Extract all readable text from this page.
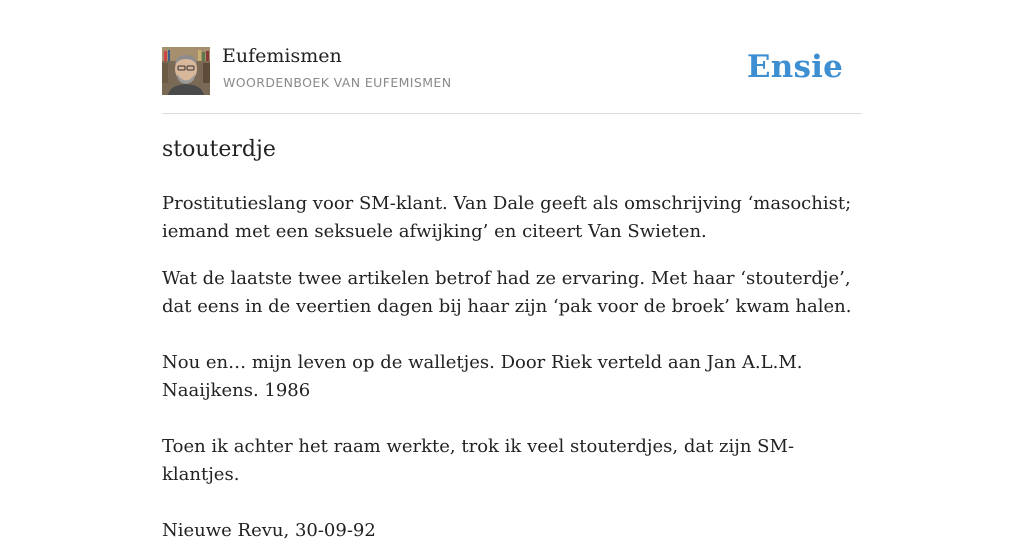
Eufemismen
WOORDENBOEK VAN EUFEMISMEN	Ensie
stouterdje

Prostitutieslang voor SM-klant. Van Dale geeft als omschrijving ‘masochist; iemand met een seksuele afwijking’ en citeert Van Swieten.

Wat de laatste twee artikelen betrof had ze ervaring. Met haar ‘stouterdje’, dat eens in de veertien dagen bij haar zijn ‘pak voor de broek’ kwam halen.

Nou en… mijn leven op de walletjes. Door Riek verteld aan Jan A.L.M. Naaijkens. 1986

Toen ik achter het raam werkte, trok ik veel stouterdjes, dat zijn SM-klantjes.

Nieuwe Revu, 30-09-92
